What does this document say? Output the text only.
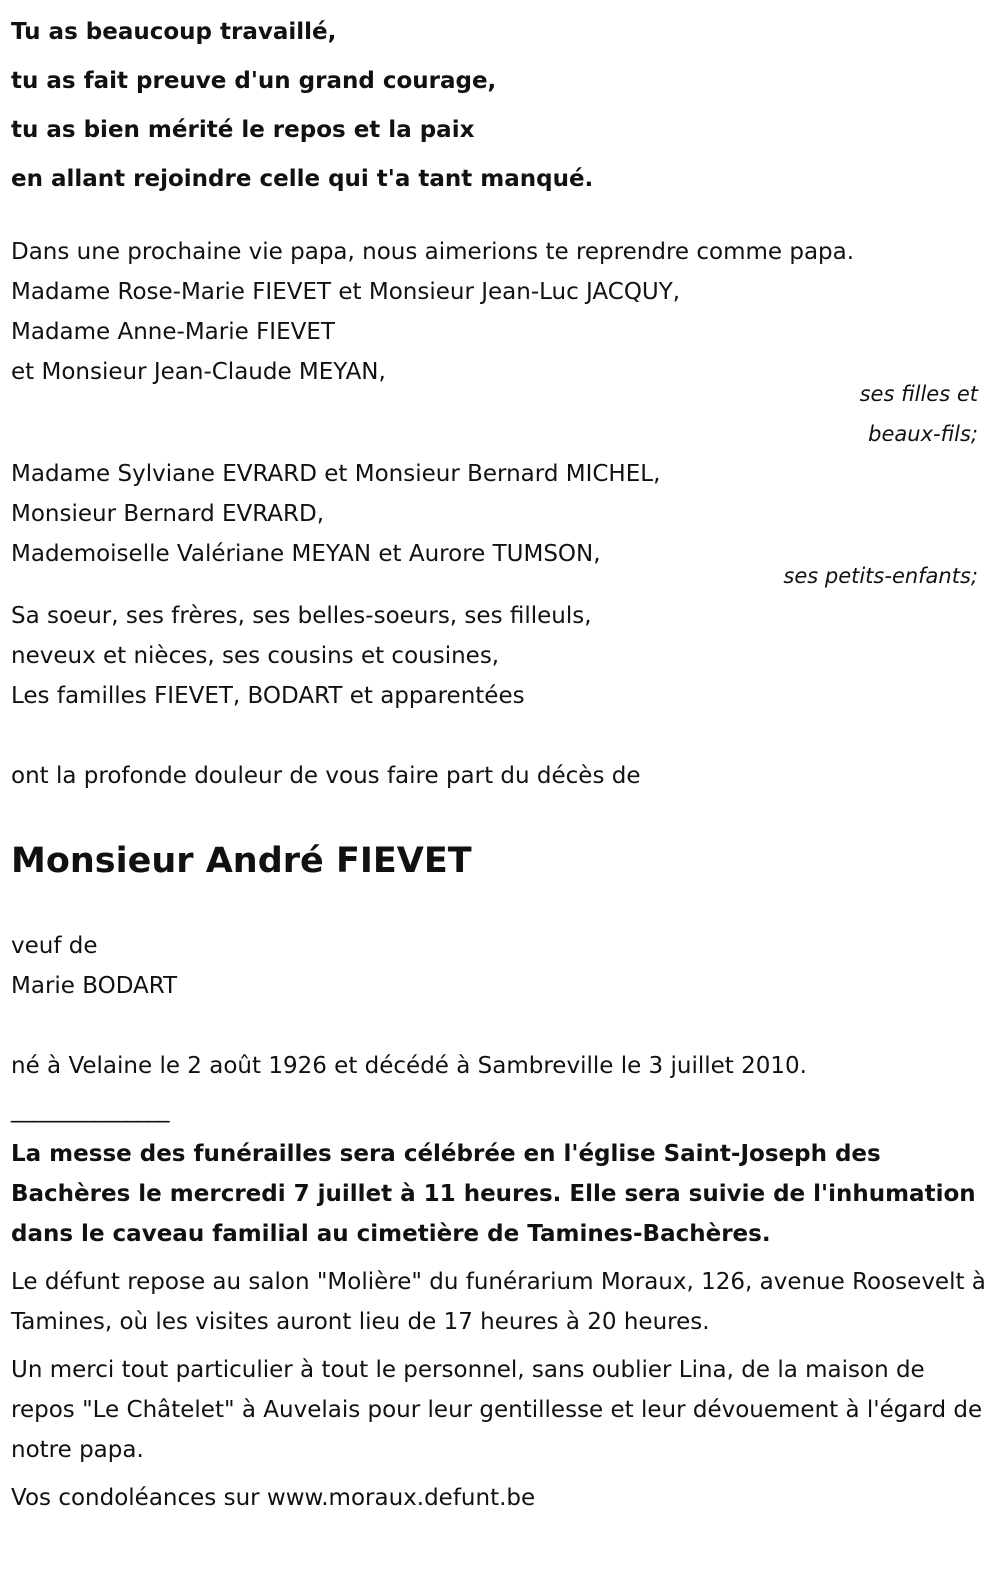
Tu as beaucoup travaillé,
tu as fait preuve d'un grand courage,
tu as bien mérité le repos et la paix
en allant rejoindre celle qui t'a tant manqué.
Dans une prochaine vie papa, nous aimerions te reprendre comme papa.
Madame Rose-Marie FIEVET et Monsieur Jean-Luc JACQUY,
Madame Anne-Marie FIEVET
et Monsieur Jean-Claude MEYAN,
ses filles et
beaux-fils;
Madame Sylviane EVRARD et Monsieur Bernard MICHEL,
Monsieur Bernard EVRARD,
Mademoiselle Valériane MEYAN et Aurore TUMSON,
ses petits-enfants;
Sa soeur, ses frères, ses belles-soeurs, ses filleuls,
neveux et nièces, ses cousins et cousines,
Les familles FIEVET, BODART et apparentées
ont la profonde douleur de vous faire part du décès de
Monsieur André FIEVET
veuf de
Marie BODART
né à Velaine le 2 août 1926 et décédé à Sambreville le 3 juillet 2010.
_______________
La messe des funérailles sera célébrée en l'église Saint-Joseph des Bachères le mercredi 7 juillet à 11 heures. Elle sera suivie de l'inhumation dans le caveau familial au cimetière de Tamines-Bachères.
Le défunt repose au salon "Molière" du funérarium Moraux, 126, avenue Roosevelt à Tamines, où les visites auront lieu de 17 heures à 20 heures.
Un merci tout particulier à tout le personnel, sans oublier Lina, de la maison de repos "Le Châtelet" à Auvelais pour leur gentillesse et leur dévouement à l'égard de notre papa.
Vos condoléances sur www.moraux.defunt.be
